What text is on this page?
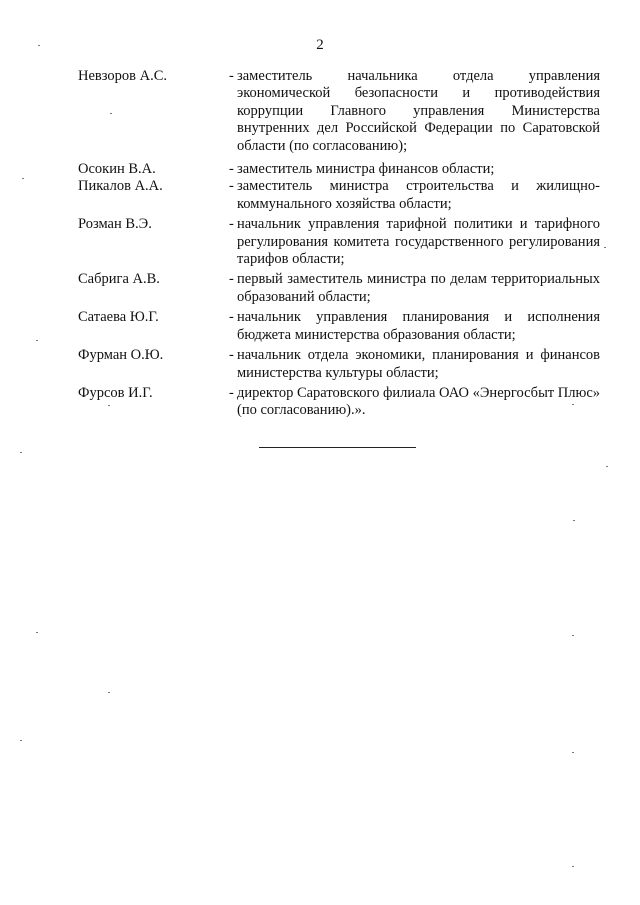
2
Невзоров А.С.	- заместитель начальника отдела управления экономической безопасности и противодействия коррупции Главного управления Министерства внутренних дел Российской Федерации по Саратовской области (по согласованию);
Осокин В.А.	- заместитель министра финансов области;
Пикалов А.А.	- заместитель министра строительства и жилищно-коммунального хозяйства области;
Розман В.Э.	- начальник управления тарифной политики и тарифного регулирования комитета государственного регулирования тарифов области;
Сабрига А.В.	- первый заместитель министра по делам территориальных образований области;
Сатаева Ю.Г.	- начальник управления планирования и исполнения бюджета министерства образования области;
Фурман О.Ю.	- начальник отдела экономики, планирования и финансов министерства культуры области;
Фурсов И.Г.	- директор Саратовского филиала ОАО «Энергосбыт Плюс» (по согласованию).».
